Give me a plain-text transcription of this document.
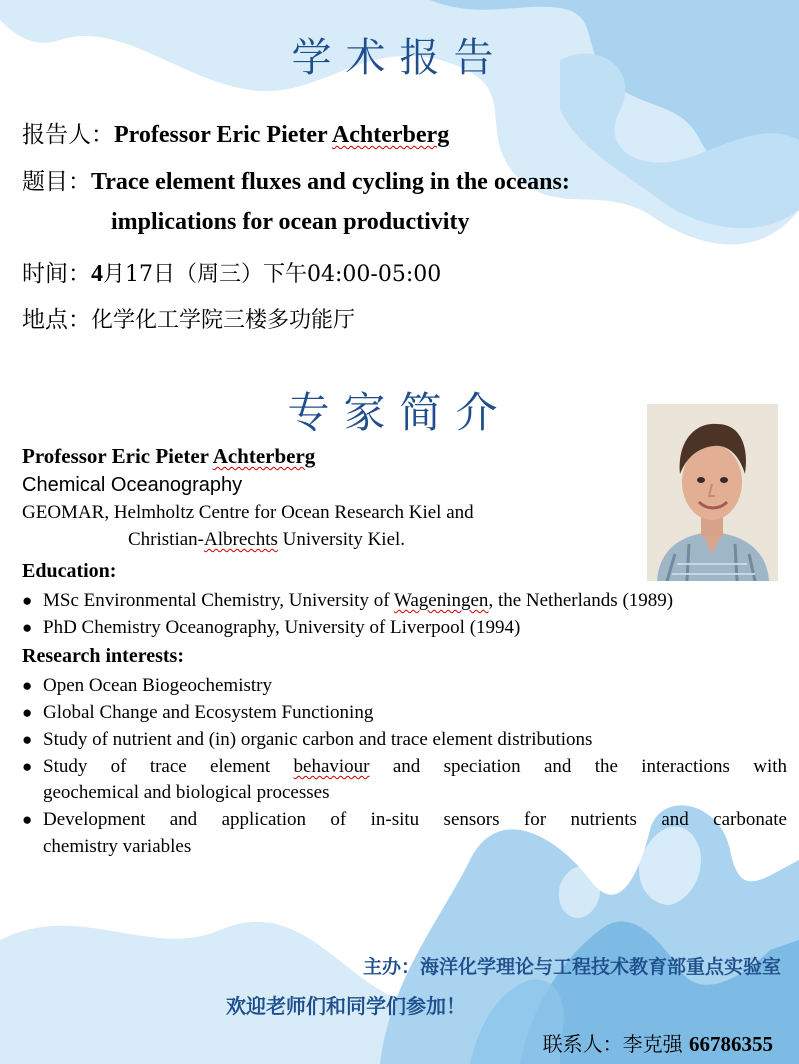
学术报告
报告人：Professor Eric Pieter Achterberg
题目：Trace element fluxes and cycling in the oceans:
implications for ocean productivity
时间：4月17日（周三）下午04:00-05:00
地点：化学化工学院三楼多功能厅
专家简介
Professor Eric Pieter Achterberg
Chemical Oceanography
GEOMAR, Helmholtz Centre for Ocean Research Kiel and
Christian-Albrechts University Kiel.
Education:
● MSc Environmental Chemistry, University of Wageningen, the Netherlands (1989)
● PhD Chemistry Oceanography, University of Liverpool (1994)
Research interests:
● Open Ocean Biogeochemistry
● Global Change and Ecosystem Functioning
● Study of nutrient and (in) organic carbon and trace element distributions
● Study of trace element behaviour and speciation and the interactions with
geochemical and biological processes
● Development and application of in-situ sensors for nutrients and carbonate
chemistry variables
主办：海洋化学理论与工程技术教育部重点实验室
欢迎老师们和同学们参加！
联系人：李克强 66786355
